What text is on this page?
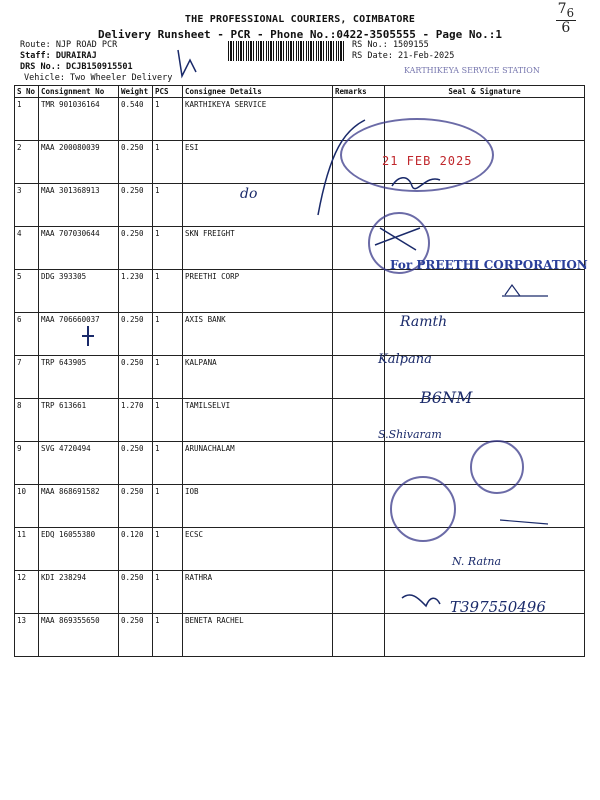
$7_6$
6
THE PROFESSIONAL COURIERS, COIMBATORE
Delivery Runsheet - PCR - Phone No.:0422-3505555 - Page No.:1
Route: NJP ROAD PCR
Staff: DURAIRAJ
DRS No.: DCJB150915501
Vehicle: Two Wheeler Delivery
RS No.: 1509155
RS Date: 21-Feb-2025
S No	Consignment No	Weight	PCS	Consignee Details	Remarks	Seal & Signature
1	TMR 901036164	0.540	1	KARTHIKEYA SERVICE		
2	MAA 200080039	0.250	1	ESI		
3	MAA 301368913	0.250	1			
4	MAA 707030644	0.250	1	SKN FREIGHT		
5	DDG 393305	1.230	1	PREETHI CORP		
6	MAA 706660037	0.250	1	AXIS BANK		
7	TRP 643905	0.250	1	KALPANA		
8	TRP 613661	1.270	1	TAMILSELVI		
9	SVG 4720494	0.250	1	ARUNACHALAM		
10	MAA 868691582	0.250	1	IOB		
11	EDQ 16055380	0.120	1	ECSC		
12	KDI 238294	0.250	1	RATHRA		
13	MAA 869355650	0.250	1	BENETA RACHEL		
KARTHIKEYA SERVICE STATION
21 FEB 2025
For PREETHI CORPORATION
do
Ramth
Kalpana
B6NM
S.Shivaram
N. Ratna
T397550496
